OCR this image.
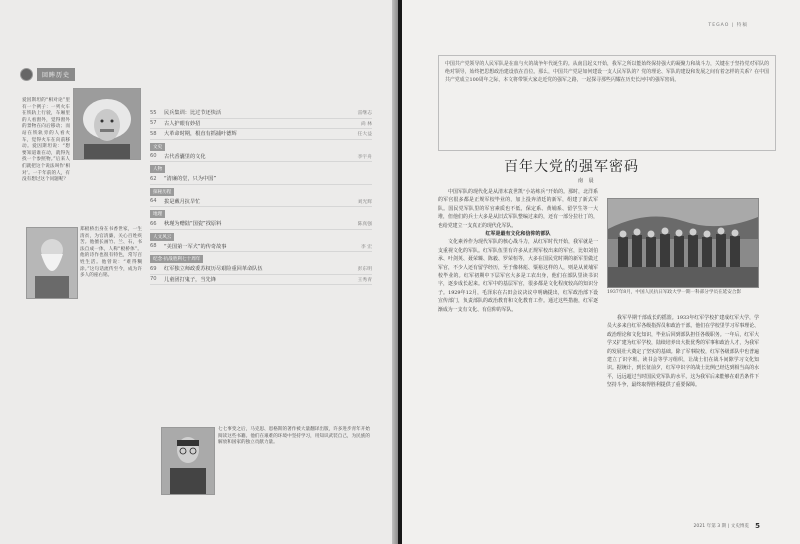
回眸历史

爱因斯坦的“相对论”里有一个例子：一列火车在铁轨上行驶，车厢里的人看窗外，觉得窗外的景物在向后移动；而站在铁轨旁的人看火车，觉得火车在向前移动。爱因斯坦说：“想要知道谁在动，就得先找一个参照物。”后来人们就把这个说法叫作‘相对’。一千年前的人，有没有想过这个问题呢？

郑板桥出身在书香世家，一生清贫，为官清廉，关心百姓疾苦。他擅长画竹、兰、石，书法自成一体，人称“板桥体”。他的诗作也很有特色，常写百姓生活。他曾说：“难得糊涂。”这句话流传至今，成为许多人的座右铭。

七七事变之后，马克思、恩格斯的著作被大量翻译出版，许多进步青年开始阅读这些书籍。他们在艰难的环境中坚持学习，用知识武装自己，为民族的解放和国家的独立贡献力量。

55	民兵集训：比过节还快活	雷继志
57	古人护眼有妙招	尚 林
58	大革命时期，根直有抓捕叶德辉	任大益
文史
60	古代香囊里的文化	李宇舟
人物
62	“清廉的堂，只为中国”
探秘历程
64	拔是戴月抗旱忙	刘光辉
地理
66	秋瑾为赠陆“国瓷”找原料	陈真强
人文风云
68	“美国第一军犬”的传奇故事	李 宏
纪念·抗战胜利七十周年
69	红军独立师政委苏权历尽艰险重回革命队伍	彭东明
70	儿童团打鬼子，当先锋	王秀青
TEGAO | 特稿
中国共产党领导的人民军队是在血与火的战争年代诞生的。从南昌起义开始，我军之所以能始终保持强大的凝聚力和战斗力，关键在于坚持党对军队的绝对领导，始终把思想政治建设放在首位。那么，中国共产党是如何建设一支人民军队的？党的理论、军队的建设和发展之间有着怎样的关系？在中国共产党成立100周年之际，本文将带领大家走近党的强军之路，一起探寻那些闪耀在历史长河中的强军密码。
百年大党的强军密码
南 晨

中国军队的现代化是从清末袁世凯“小站练兵”开始的。那时，北洋系的军官很多都是正规军校毕业的，加上投奔清廷的新军，组建了新式军队。国民党军队里的军官素质也不低，保定系、黄埔系、留学生等一大堆，但他们的兵士大多是从旧式军队整编过来的，还有一部分拉壮丁的，也给党建立一支真正的现代化军队。

红军是最有文化和信仰的部队

文化素养作为现代军队的核心战斗力，从红军时代开始，我军就是一支重视文化的军队。红军队伍里有许多从正规军校出来的军官，比如刘伯承、叶剑英、聂荣臻、陈毅、罗荣桓等，大多在国民党时期的新军里做过军官，不少人还有留学经历，至于像林彪、粟裕这样的人，则是从黄埔军校毕业的。红军初期中下层军官大多是工农出身，他们在部队里读书识字，逐步成长起来。红军中的基层军官，很多都是文化程度较高的知识分子。1929年12月，毛泽东在古田会议决议中明确提出，红军政治部下设宣传部门，负责部队的政治教育和文化教育工作。通过这些措施，红军逐渐成为一支有文化、有信仰的军队。

1937年8月，中国人民抗日军政大学一期一科部分学员在延安合影

我军早期干部成长的摇篮。1933年红军学校扩建成红军大学，学员大多来自红军各级指挥员和政治干部。他们在学校里学习军事理论、政治理论和文化知识，毕业后回到部队担任各级职务。一年后，红军大学又扩建为红军学校，陆续培养出大批优秀的军事和政治人才，为我军的发展壮大奠定了坚实的基础。除了军事院校，红军各级部队中也普遍建立了识字班、读书会等学习组织，让战士们在战斗间隙学习文化知识。据统计，到长征前夕，红军中识字的战士比例已经达到相当高的水平，远远超过当时国民党军队的水平。这为我军后来能够在艰苦条件下坚持斗争，最终取得胜利提供了重要保障。

2021 年第 3 期 | 文史博览 5
